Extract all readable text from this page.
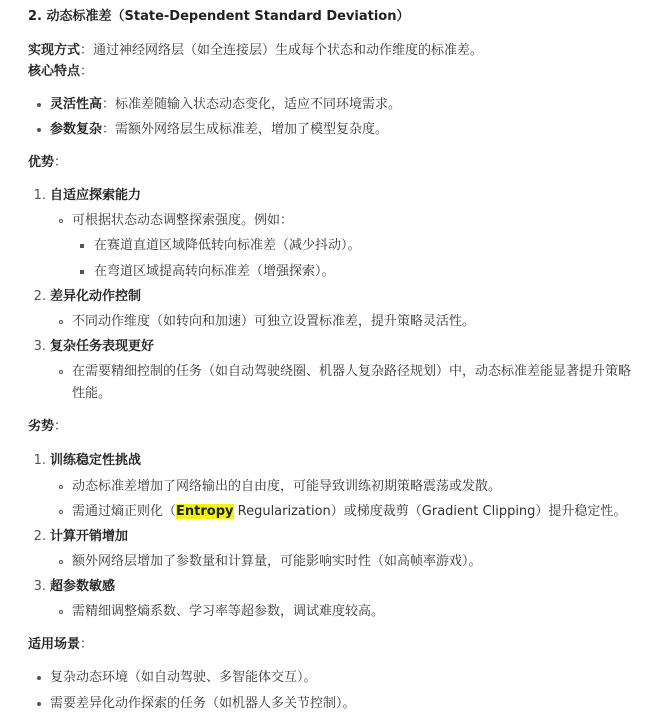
2. 动态标准差（State-Dependent Standard Deviation）
实现方式：通过神经网络层（如全连接层）生成每个状态和动作维度的标准差。
核心特点：
灵活性高：标准差随输入状态动态变化，适应不同环境需求。
参数复杂：需额外网络层生成标准差，增加了模型复杂度。
优势：
1. 自适应探索能力
可根据状态动态调整探索强度。例如：
在赛道直道区域降低转向标准差（减少抖动）。
在弯道区域提高转向标准差（增强探索）。
2. 差异化动作控制
不同动作维度（如转向和加速）可独立设置标准差，提升策略灵活性。
3. 复杂任务表现更好
在需要精细控制的任务（如自动驾驶绕圈、机器人复杂路径规划）中，动态标准差能显著提升策略性能。
劣势：
1. 训练稳定性挑战
动态标准差增加了网络输出的自由度，可能导致训练初期策略震荡或发散。
需通过熵正则化（Entropy Regularization）或梯度裁剪（Gradient Clipping）提升稳定性。
2. 计算开销增加
额外网络层增加了参数量和计算量，可能影响实时性（如高帧率游戏）。
3. 超参数敏感
需精细调整熵系数、学习率等超参数，调试难度较高。
适用场景：
复杂动态环境（如自动驾驶、多智能体交互）。
需要差异化动作探索的任务（如机器人多关节控制）。
